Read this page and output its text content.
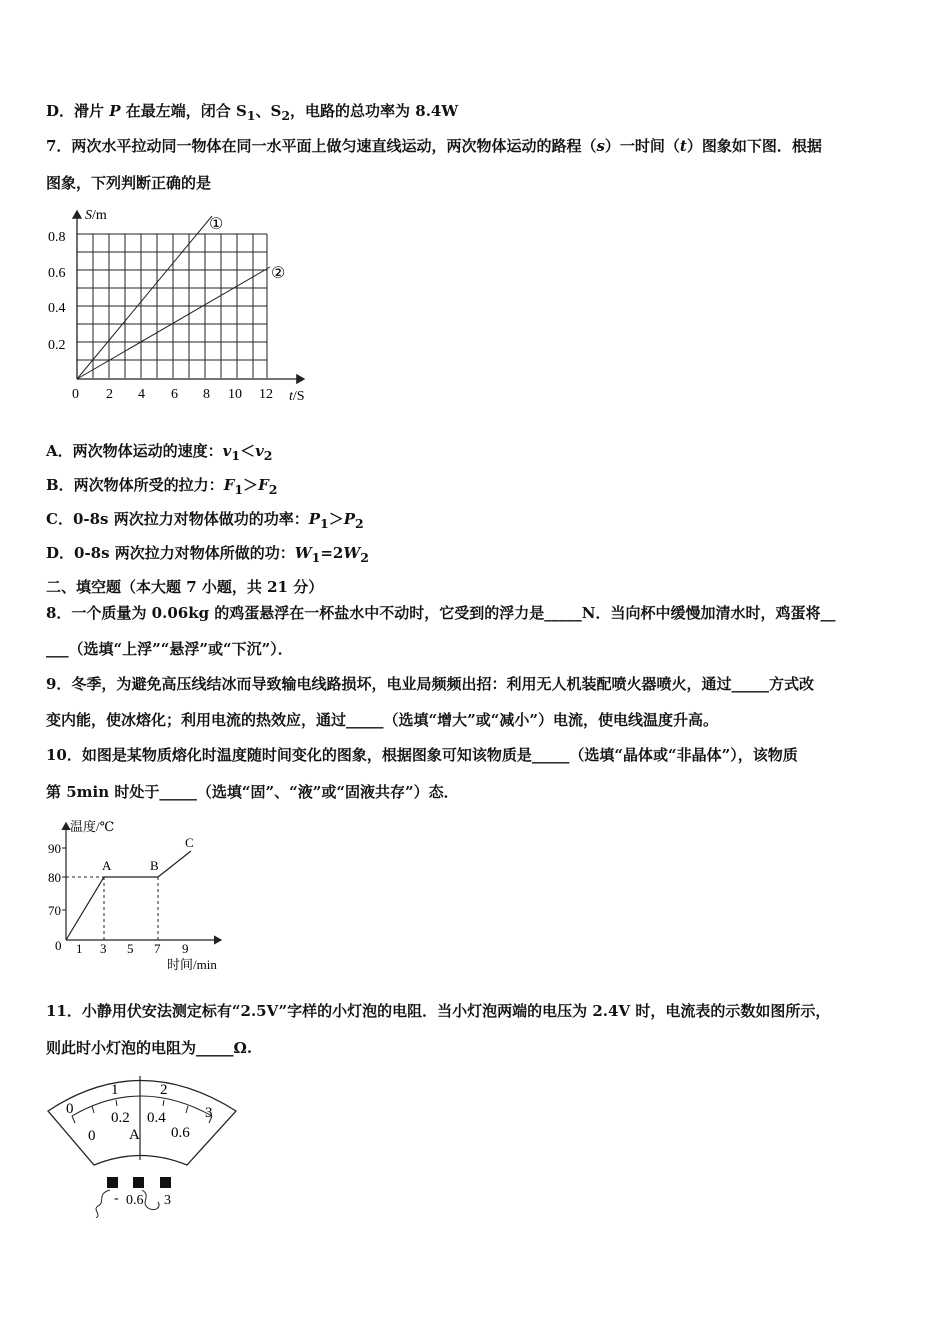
D．滑片 P 在最左端，闭合 $S_1$、$S_2$，电路的总功率为 8.4W
7．两次水平拉动同一物体在同一水平面上做匀速直线运动，两次物体运动的路程（s）一时间（t）图象如下图．根据
图象，下列判断正确的是
S/m
0.8
0.6
0.4
0.2
0 2 4 6 8 10 12 t/S
①
②
A．两次物体运动的速度：$v_1<v_2$
B．两次物体所受的拉力：$F_1>F_2$
C．0-8s 两次拉力对物体做功的功率：$P_1>P_2$
D．0-8s 两次拉力对物体所做的功：$W_1=2W_2$
二、填空题（本大题 7 小题，共 21 分）
8．一个质量为 0.06kg 的鸡蛋悬浮在一杯盐水中不动时，它受到的浮力是_____N．当向杯中缓慢加清水时，鸡蛋将__
___（选填“上浮”“悬浮”或“下沉”）．
9．冬季，为避免高压线结冰而导致输电线路损坏，电业局频频出招：利用无人机装配喷火器喷火，通过_____方式改
变内能，使冰熔化；利用电流的热效应，通过_____（选填“增大”或“减小”）电流，使电线温度升高。
10．如图是某物质熔化时温度随时间变化的图象，根据图象可知该物质是_____（选填“晶体或“非晶体”），该物质
第 5min 时处于_____（选填“固”、“液”或“固液共存”）态．
温度/℃
90
80
70
0 1 3 5 7 9
时间/min
A	B
C
11．小静用伏安法测定标有“2.5V”字样的小灯泡的电阻．当小灯泡两端的电压为 2.4V 时，电流表的示数如图所示，
则此时小灯泡的电阻为_____Ω.
0
1	2
3
0
0.2 0.4
0.6
A
- 0.6 3
